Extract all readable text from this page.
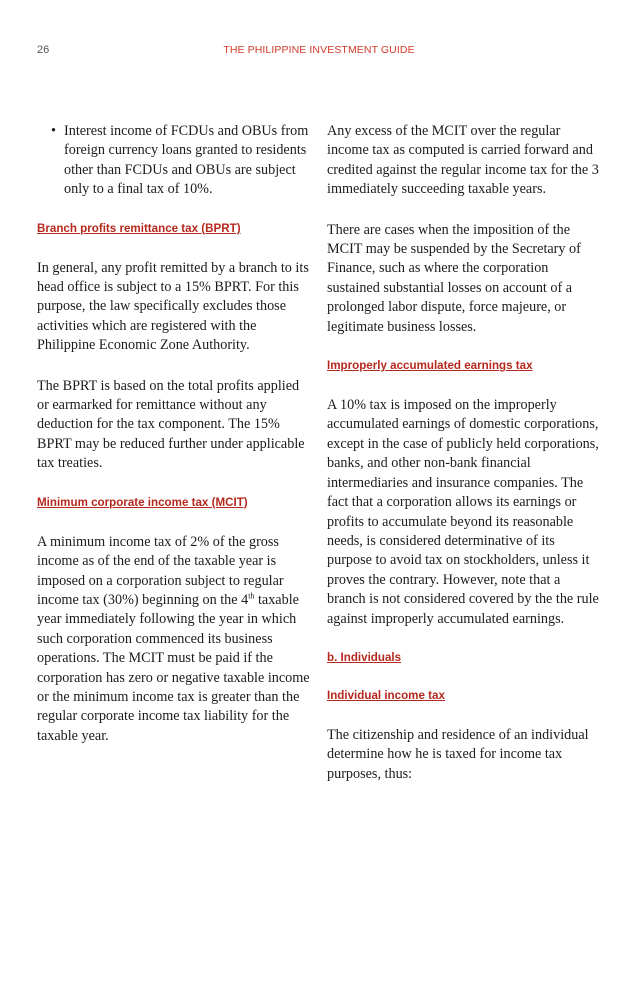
26	THE PHILIPPINE INVESTMENT GUIDE
• Interest income of FCDUs and OBUs from foreign currency loans granted to residents other than FCDUs and OBUs are subject only to a final tax of 10%.
Branch profits remittance tax (BPRT)

In general, any profit remitted by a branch to its head office is subject to a 15% BPRT. For this purpose, the law specifically excludes those activities which are registered with the Philippine Economic Zone Authority.

The BPRT is based on the total profits applied or earmarked for remittance without any deduction for the tax component. The 15% BPRT may be reduced further under applicable tax treaties.

Minimum corporate income tax (MCIT)

A minimum income tax of 2% of the gross income as of the end of the taxable year is imposed on a corporation subject to regular income tax (30%) beginning on the 4th taxable year immediately following the year in which such corporation commenced its business operations. The MCIT must be paid if the corporation has zero or negative taxable income or the minimum income tax is greater than the regular corporate income tax liability for the taxable year.

Any excess of the MCIT over the regular income tax as computed is carried forward and credited against the regular income tax for the 3 immediately succeeding taxable years.

There are cases when the imposition of the MCIT may be suspended by the Secretary of Finance, such as where the corporation sustained substantial losses on account of a prolonged labor dispute, force majeure, or legitimate business losses.

Improperly accumulated earnings tax

A 10% tax is imposed on the improperly accumulated earnings of domestic corporations, except in the case of publicly held corporations, banks, and other non-bank financial intermediaries and insurance companies. The fact that a corporation allows its earnings or profits to accumulate beyond its reasonable needs, is considered determinative of its purpose to avoid tax on stockholders, unless it proves the contrary. However, note that a branch is not considered covered by the the rule against improperly accumulated earnings.

b. Individuals
Individual income tax

The citizenship and residence of an individual determine how he is taxed for income tax purposes, thus:
